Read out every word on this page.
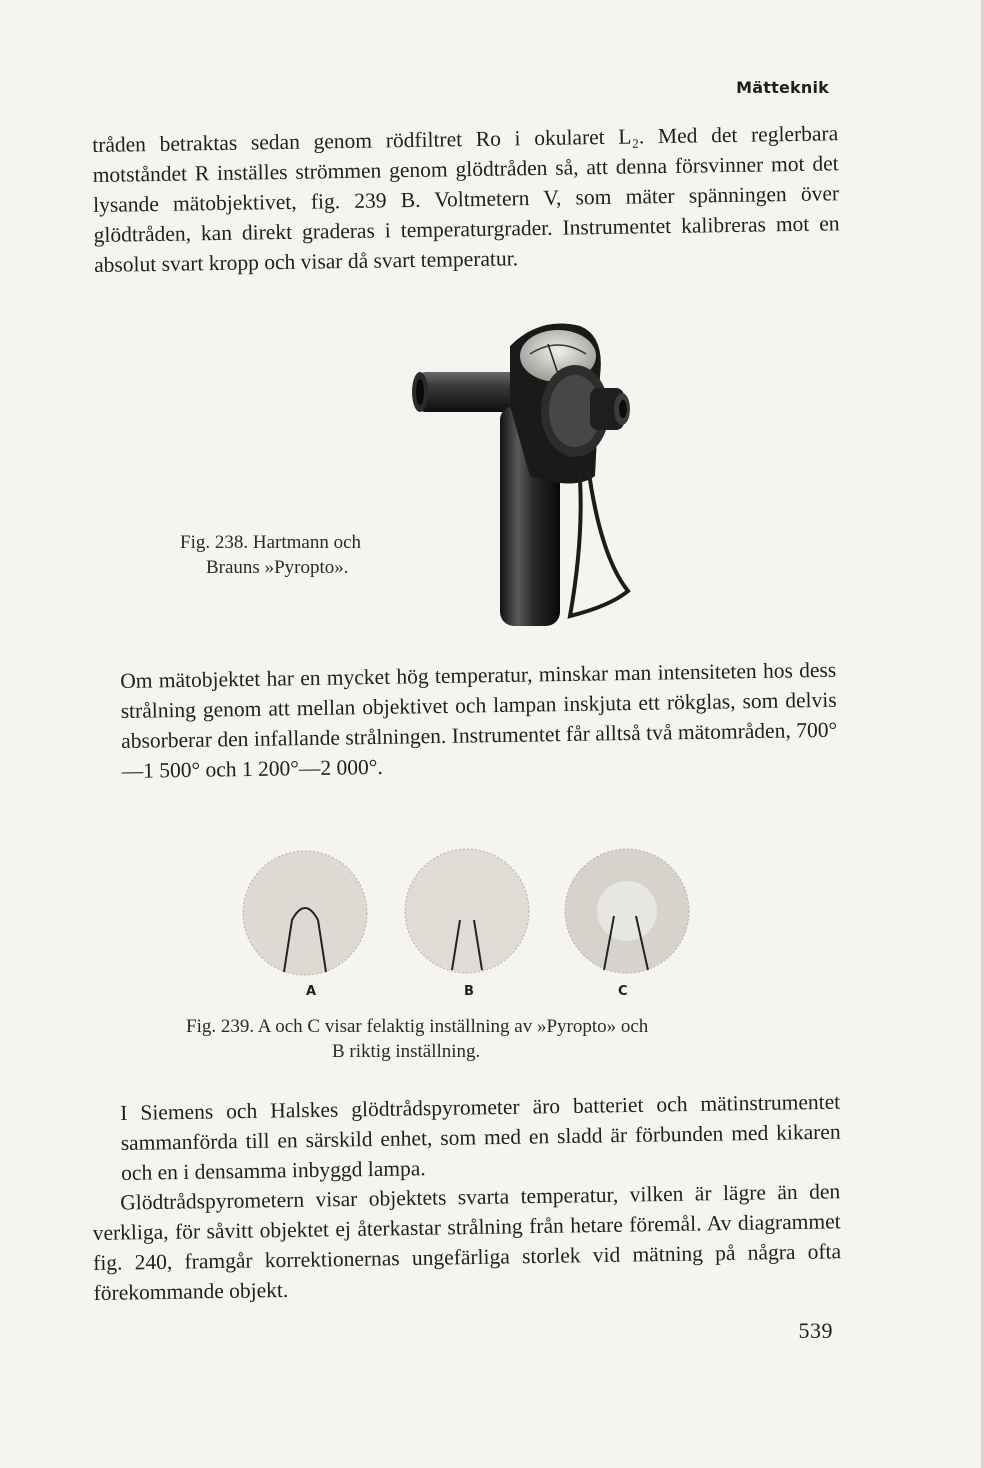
Mätteknik

tråden betraktas sedan genom rödfiltret Ro i okularet L₂. Med det reglerbara motståndet R inställes strömmen genom glödtråden så, att denna försvinner mot det lysande mätobjektivet, fig. 239 B. Voltmetern V, som mäter spänningen över glödtråden, kan direkt graderas i temperaturgrader. Instrumentet kalibreras mot en absolut svart kropp och visar då svart temperatur.

Fig. 238. Hartmann och
Brauns »Pyropto».

Om mätobjektet har en mycket hög temperatur, minskar man intensiteten hos dess strålning genom att mellan objektivet och lampan inskjuta ett rökglas, som delvis absorberar den infallande strålningen. Instrumentet får alltså två mätområden, 700°—1 500° och 1 200°—2 000°.

A	B	C
Fig. 239. A och C visar felaktig inställning av »Pyropto» och
B riktig inställning.

I Siemens och Halskes glödtrådspyrometer äro batteriet och mätinstrumentet sammanförda till en särskild enhet, som med en sladd är förbunden med kikaren och en i densamma inbyggd lampa.

Glödtrådspyrometern visar objektets svarta temperatur, vilken är lägre än den verkliga, för såvitt objektet ej återkastar strålning från hetare föremål. Av diagrammet fig. 240, framgår korrektionernas ungefärliga storlek vid mätning på några ofta förekommande objekt.

539
